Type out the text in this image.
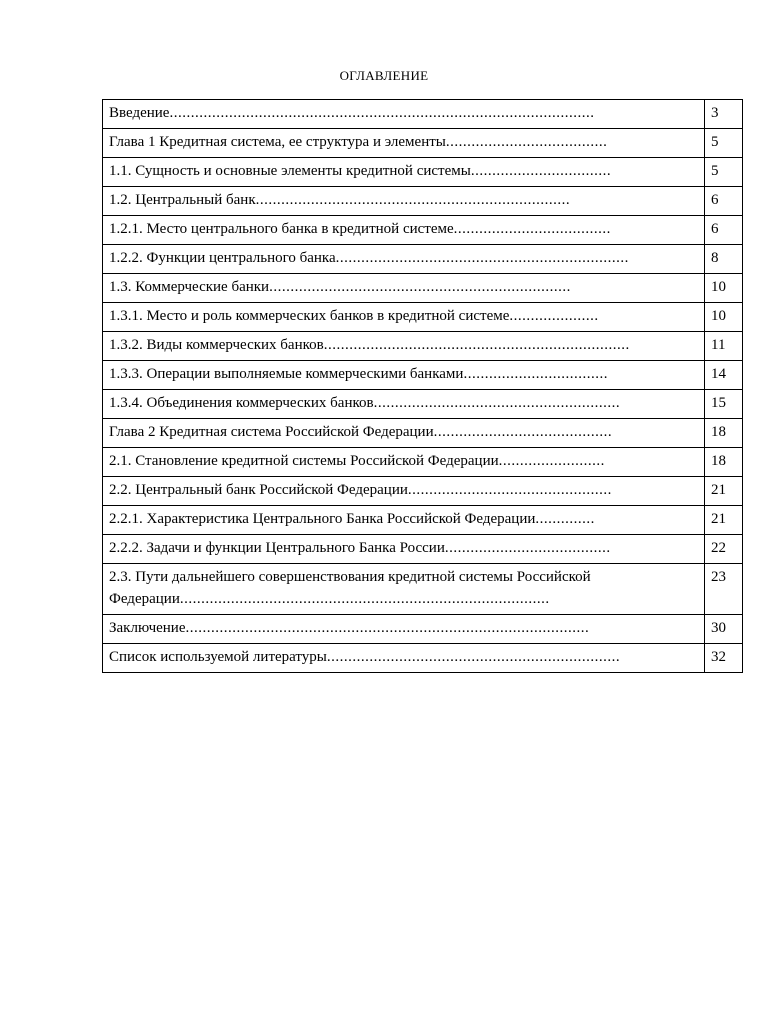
ОГЛАВЛЕНИЕ
Введение....................................................................................................	3

Глава 1 Кредитная система, ее структура и элементы......................................	5

1.1. Сущность и основные элементы кредитной системы.................................	5

1.2. Центральный банк..........................................................................	6

1.2.1. Место центрального банка в кредитной системе.....................................	6

1.2.2. Функции центрального банка.....................................................................	8

1.3. Коммерческие банки.......................................................................	10

1.3.1. Место и роль коммерческих банков в кредитной системе.....................	10

1.3.2. Виды коммерческих банков........................................................................	11

1.3.3. Операции выполняемые коммерческими банками..................................	14

1.3.4. Объединения коммерческих банков..........................................................	15

Глава 2 Кредитная система Российской Федерации..........................................	18

2.1. Становление кредитной системы Российской Федерации.........................	18

2.2. Центральный банк Российской Федерации................................................	21

2.2.1. Характеристика Центрального Банка Российской Федерации..............	21

2.2.2. Задачи и функции Центрального Банка России.......................................	22

2.3. Пути дальнейшего совершенствования кредитной системы Российской Федерации.......................................................................................	23

Заключение...............................................................................................	30

Список используемой литературы.....................................................................	32
